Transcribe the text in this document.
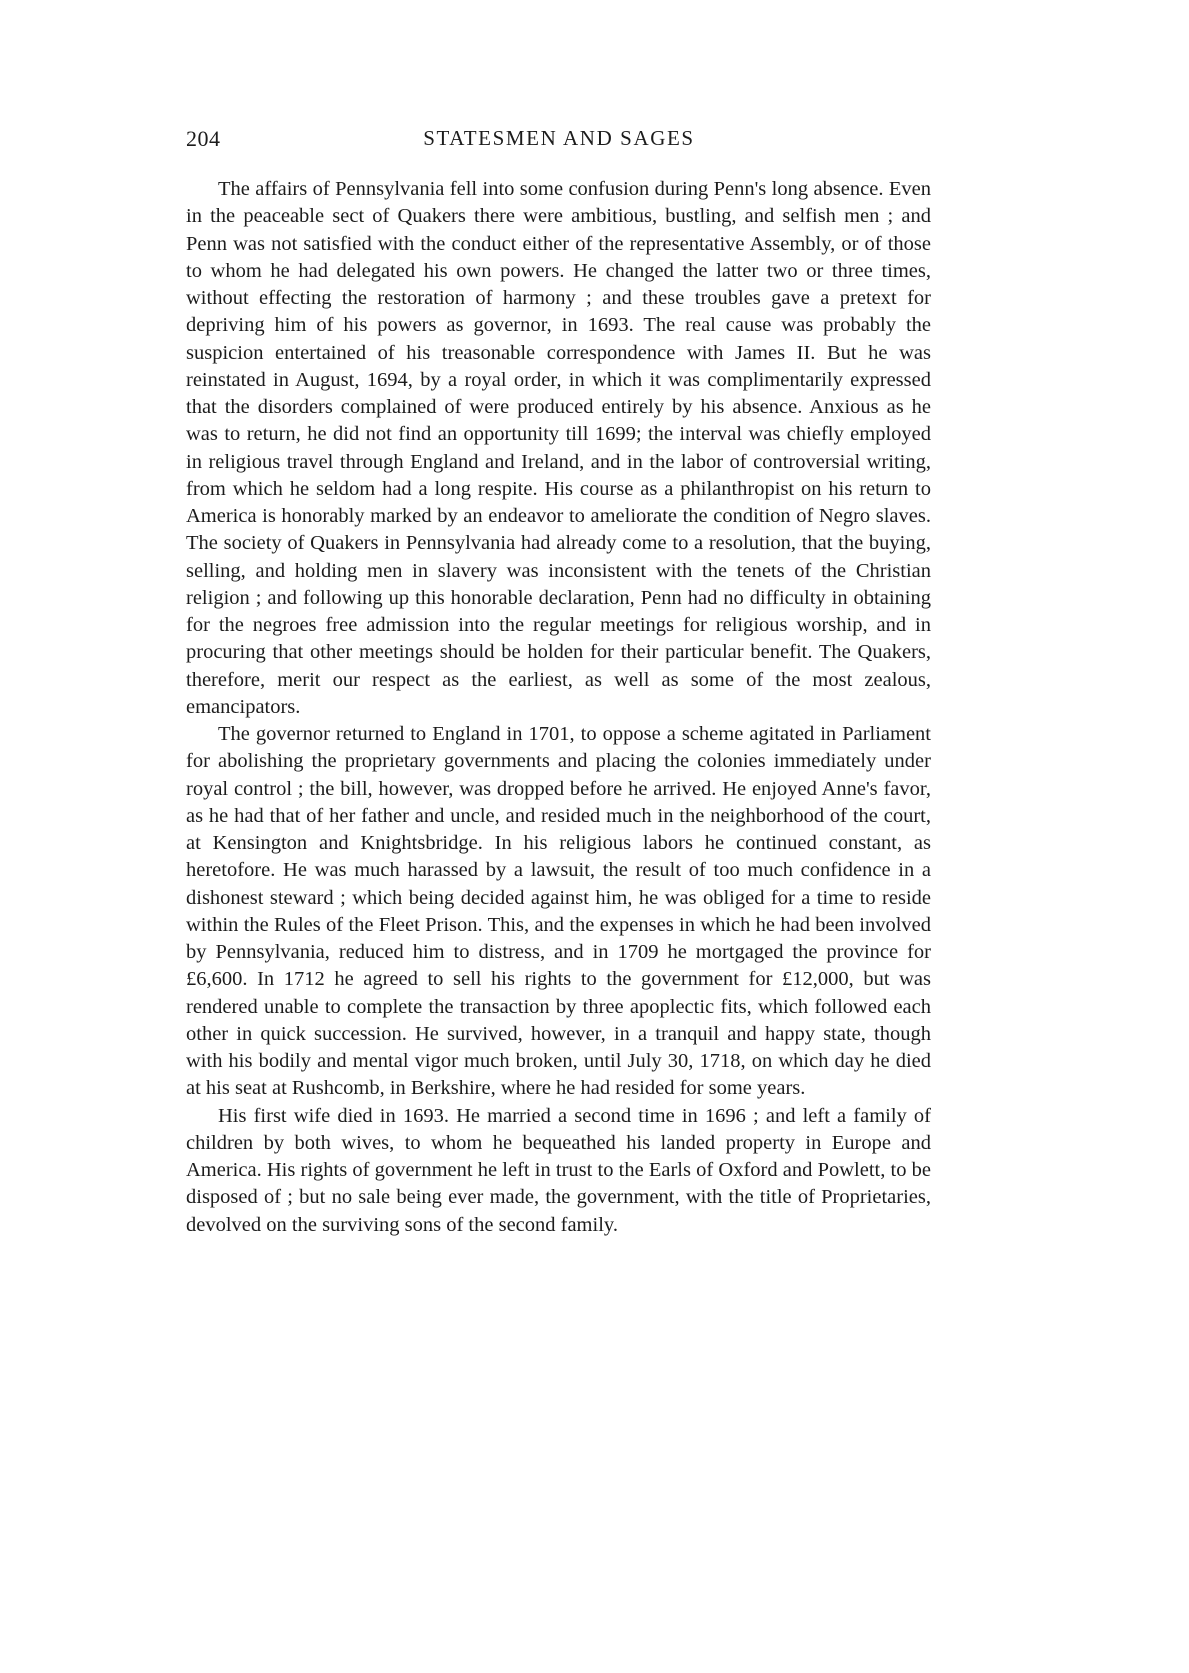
204	STATESMEN AND SAGES

The affairs of Pennsylvania fell into some confusion during Penn's long absence. Even in the peaceable sect of Quakers there were ambitious, bustling, and selfish men ; and Penn was not satisfied with the conduct either of the representative Assembly, or of those to whom he had delegated his own powers. He changed the latter two or three times, without effecting the restoration of harmony ; and these troubles gave a pretext for depriving him of his powers as governor, in 1693. The real cause was probably the suspicion entertained of his treasonable correspondence with James II. But he was reinstated in August, 1694, by a royal order, in which it was complimentarily expressed that the disorders complained of were produced entirely by his absence. Anxious as he was to return, he did not find an opportunity till 1699; the interval was chiefly employed in religious travel through England and Ireland, and in the labor of controversial writing, from which he seldom had a long respite. His course as a philanthropist on his return to America is honorably marked by an endeavor to ameliorate the condition of Negro slaves. The society of Quakers in Pennsylvania had already come to a resolution, that the buying, selling, and holding men in slavery was inconsistent with the tenets of the Christian religion ; and following up this honorable declaration, Penn had no difficulty in obtaining for the negroes free admission into the regular meetings for religious worship, and in procuring that other meetings should be holden for their particular benefit. The Quakers, therefore, merit our respect as the earliest, as well as some of the most zealous, emancipators.

The governor returned to England in 1701, to oppose a scheme agitated in Parliament for abolishing the proprietary governments and placing the colonies immediately under royal control ; the bill, however, was dropped before he arrived. He enjoyed Anne's favor, as he had that of her father and uncle, and resided much in the neighborhood of the court, at Kensington and Knightsbridge. In his religious labors he continued constant, as heretofore. He was much harassed by a lawsuit, the result of too much confidence in a dishonest steward ; which being decided against him, he was obliged for a time to reside within the Rules of the Fleet Prison. This, and the expenses in which he had been involved by Pennsylvania, reduced him to distress, and in 1709 he mortgaged the province for £6,600. In 1712 he agreed to sell his rights to the government for £12,000, but was rendered unable to complete the transaction by three apoplectic fits, which followed each other in quick succession. He survived, however, in a tranquil and happy state, though with his bodily and mental vigor much broken, until July 30, 1718, on which day he died at his seat at Rushcomb, in Berkshire, where he had resided for some years.

His first wife died in 1693. He married a second time in 1696 ; and left a family of children by both wives, to whom he bequeathed his landed property in Europe and America. His rights of government he left in trust to the Earls of Oxford and Powlett, to be disposed of ; but no sale being ever made, the government, with the title of Proprietaries, devolved on the surviving sons of the second family.
